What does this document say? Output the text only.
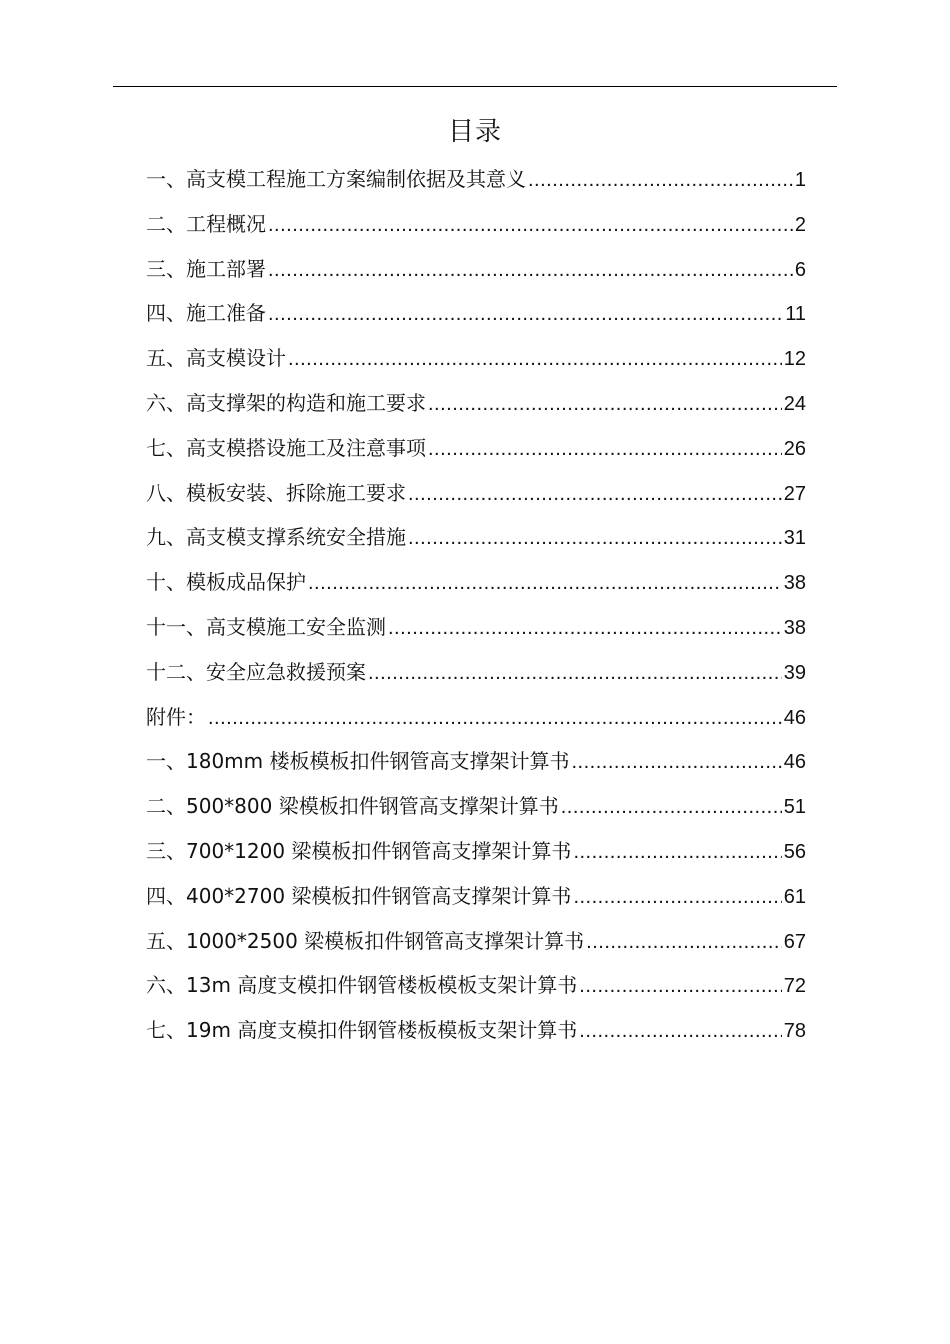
目录
一、高支模工程施工方案编制依据及其意义 .....	1
二、工程概况 .....	2
三、施工部署 .....	6
四、施工准备 .....	11
五、高支模设计 .....	12
六、高支撑架的构造和施工要求 .....	24
七、高支模搭设施工及注意事项 .....	26
八、模板安装、拆除施工要求 .....	27
九、高支模支撑系统安全措施 .....	31
十、模板成品保护 .....	38
十一、高支模施工安全监测 .....	38
十二、安全应急救援预案 .....	39
附件： .....	46
一、180mm 楼板模板扣件钢管高支撑架计算书 .....	46
二、500*800 梁模板扣件钢管高支撑架计算书 .....	51
三、700*1200 梁模板扣件钢管高支撑架计算书 .....	56
四、400*2700 梁模板扣件钢管高支撑架计算书 .....	61
五、1000*2500 梁模板扣件钢管高支撑架计算书 .....	67
六、13m 高度支模扣件钢管楼板模板支架计算书 .....	72
七、19m 高度支模扣件钢管楼板模板支架计算书 .....	78
